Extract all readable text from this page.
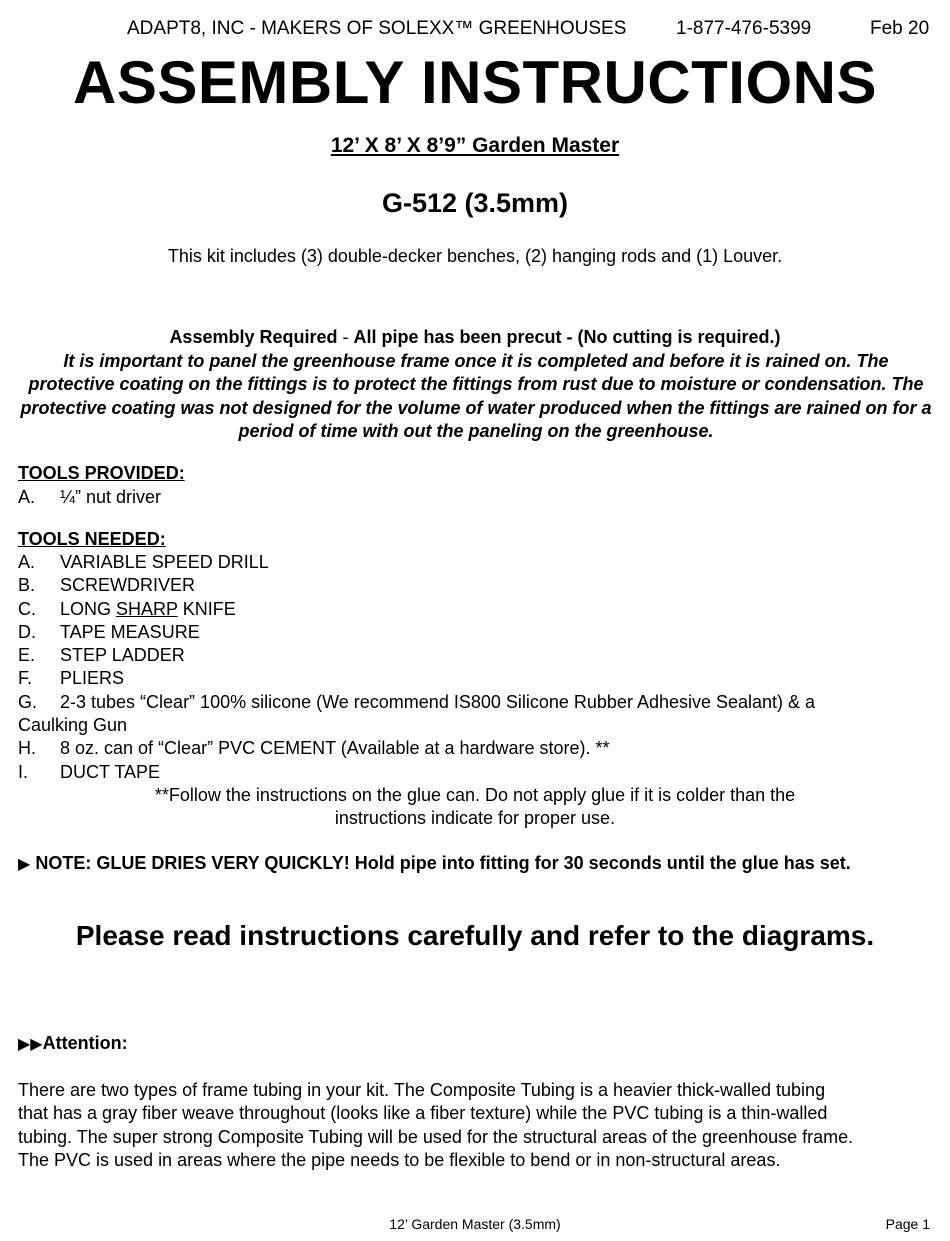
ADAPT8, INC - MAKERS OF SOLEXX™ GREENHOUSES	1-877-476-5399	Feb 20
ASSEMBLY INSTRUCTIONS
12’ X 8’ X 8’9” Garden Master
G-512 (3.5mm)
This kit includes (3) double-decker benches, (2) hanging rods and (1) Louver.
Assembly Required - All pipe has been precut - (No cutting is required.)
It is important to panel the greenhouse frame once it is completed and before it is rained on. The protective coating on the fittings is to protect the fittings from rust due to moisture or condensation. The protective coating was not designed for the volume of water produced when the fittings are rained on for a period of time with out the paneling on the greenhouse.
TOOLS PROVIDED:
A. ¼” nut driver
TOOLS NEEDED:
A. VARIABLE SPEED DRILL
B. SCREWDRIVER
C. LONG SHARP KNIFE
D. TAPE MEASURE
E. STEP LADDER
F. PLIERS
G. 2-3 tubes “Clear” 100% silicone (We recommend IS800 Silicone Rubber Adhesive Sealant) & a
Caulking Gun
H. 8 oz. can of “Clear” PVC CEMENT (Available at a hardware store). **
I. DUCT TAPE
**Follow the instructions on the glue can. Do not apply glue if it is colder than the
instructions indicate for proper use.
▶ NOTE: GLUE DRIES VERY QUICKLY! Hold pipe into fitting for 30 seconds until the glue has set.
Please read instructions carefully and refer to the diagrams.
▶▶Attention:
There are two types of frame tubing in your kit. The Composite Tubing is a heavier thick-walled tubing
that has a gray fiber weave throughout (looks like a fiber texture) while the PVC tubing is a thin-walled
tubing. The super strong Composite Tubing will be used for the structural areas of the greenhouse frame.
The PVC is used in areas where the pipe needs to be flexible to bend or in non-structural areas.
12’ Garden Master (3.5mm)	Page 1
